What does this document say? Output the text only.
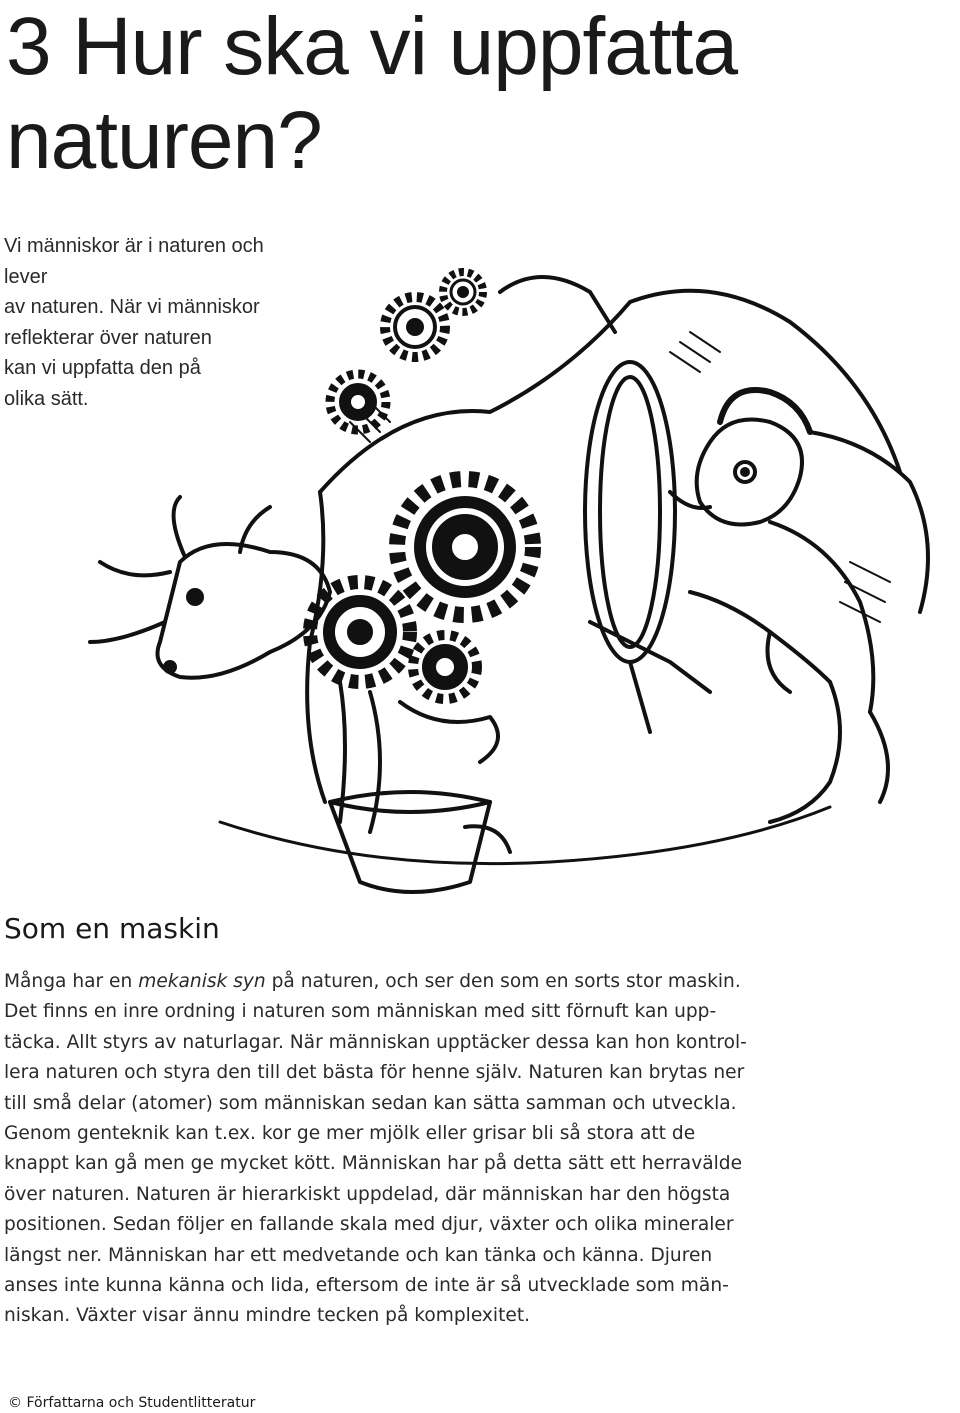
3 Hur ska vi uppfatta
naturen?
Vi människor är i naturen och lever
av naturen. När vi människor
reflekterar över naturen
kan vi uppfatta den på
olika sätt.
Som en maskin
Många har en mekanisk syn på naturen, och ser den som en sorts stor maskin.
Det finns en inre ordning i naturen som människan med sitt förnuft kan upp-
täcka. Allt styrs av naturlagar. När människan upptäcker dessa kan hon kontrol-
lera naturen och styra den till det bästa för henne själv. Naturen kan brytas ner
till små delar (atomer) som människan sedan kan sätta samman och utveckla.
Genom genteknik kan t.ex. kor ge mer mjölk eller grisar bli så stora att de
knappt kan gå men ge mycket kött. Människan har på detta sätt ett herravälde
över naturen. Naturen är hierarkiskt uppdelad, där människan har den högsta
positionen. Sedan följer en fallande skala med djur, växter och olika mineraler
längst ner. Människan har ett medvetande och kan tänka och känna. Djuren
anses inte kunna känna och lida, eftersom de inte är så utvecklade som män-
niskan. Växter visar ännu mindre tecken på komplexitet.
© Författarna och Studentlitteratur
